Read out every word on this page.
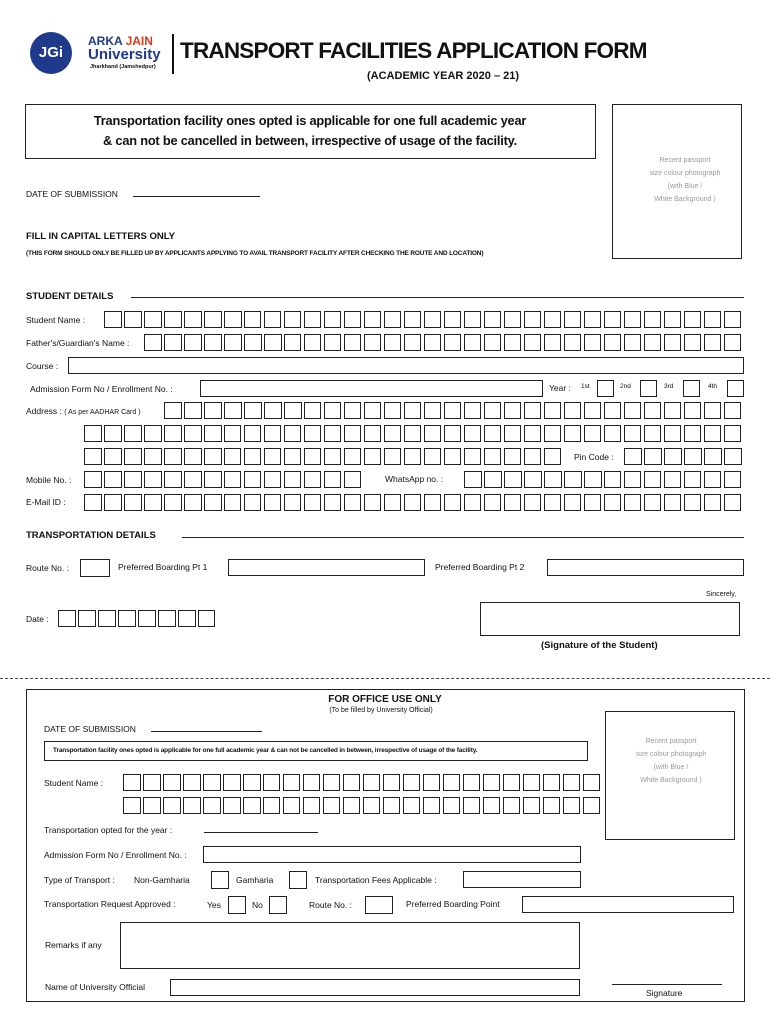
JGi
ARKA JAIN
University
Jharkhand (Jamshedpur)
TRANSPORT FACILITIES APPLICATION FORM
(ACADEMIC YEAR 2020 – 21)
Transportation facility ones opted is applicable for one full academic year
& can not be cancelled in between, irrespective of usage of the facility.
Recent passport
size colour photograph
(with Blue /
White Background )
DATE OF SUBMISSION
FILL IN CAPITAL LETTERS ONLY
(THIS FORM SHOULD ONLY BE FILLED UP BY APPLICANTS APPLYING TO AVAIL TRANSPORT FACILITY AFTER CHECKING THE ROUTE AND LOCATION)
STUDENT DETAILS
Student Name :
Father's/Guardian's Name :
Course :
Admission Form No / Enrollment No. :	Year : 1st	2nd	3rd	4th
Address : ( As per AADHAR Card )
Pin Code :
Mobile No. :	WhatsApp no. :
E-Mail ID :
TRANSPORTATION DETAILS
Route No. :	Preferred Boarding Pt 1	Preferred Boarding Pt 2
Sincerely,
Date :
(Signature of the Student)
FOR OFFICE USE ONLY
(To be filled by University Official)
DATE OF SUBMISSION
Transportation facility ones opted is applicable for one full academic year & can not be cancelled in between, irrespective of usage of the facility.
Recent passport
size colour photograph
(with Blue /
White Background )
Student Name :
Transportation opted for the year :
Admission Form No / Enrollment No. :
Type of Transport : Non-Gamharia	Gamharia	Transportation Fees Applicable :
Transportation Request Approved :	Yes	No	Route No. :	Preferred Boarding Point
Remarks if any
Name of University Official
Signature
